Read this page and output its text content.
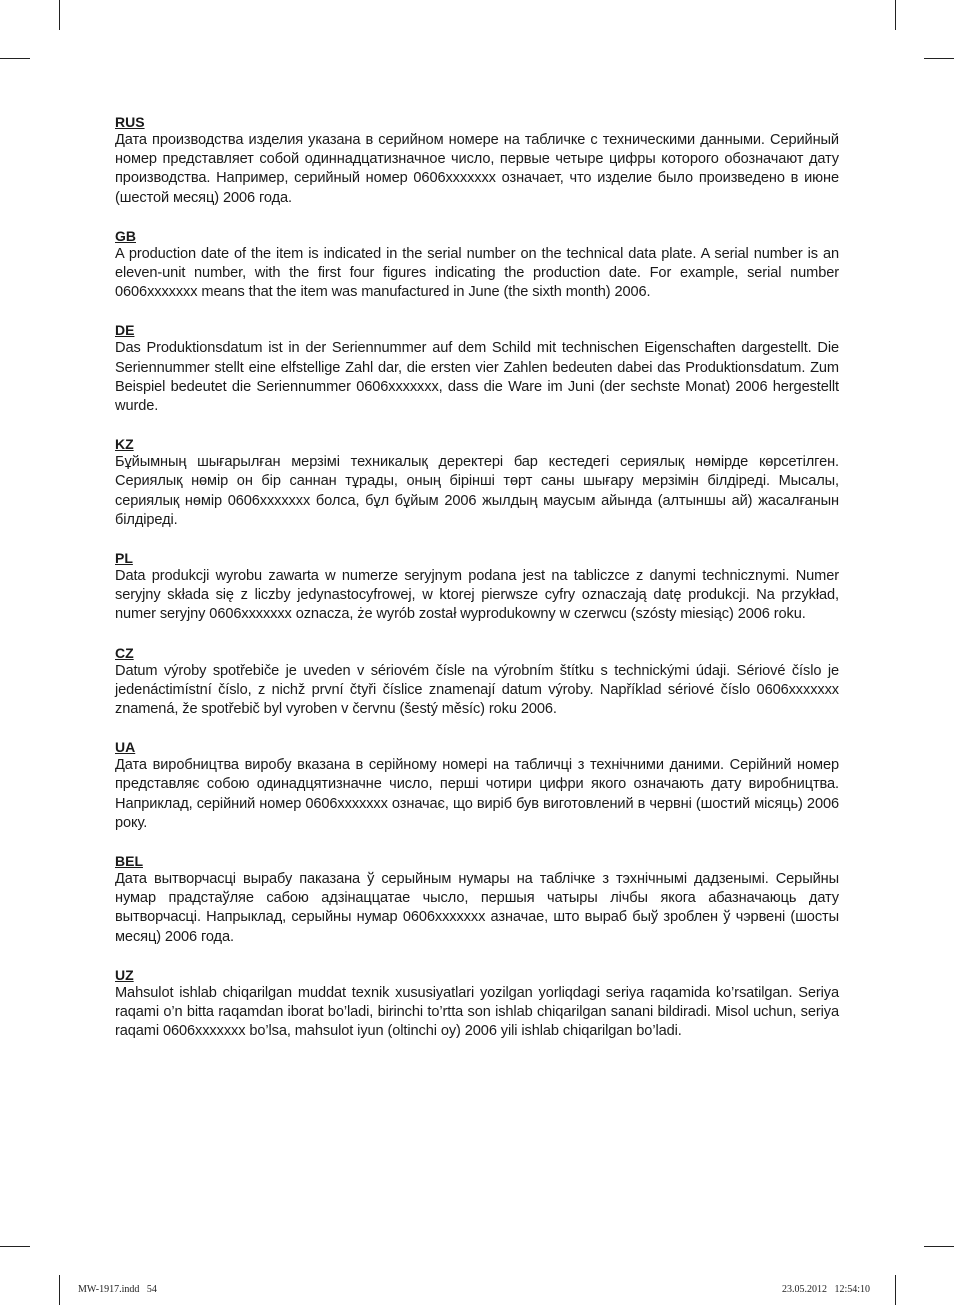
RUS

Дата производства изделия указана в серийном номере на табличке с техническими данными. Серийный номер представляет собой одиннадцатизначное число, первые четыре цифры которого обозначают дату производства. Например, серийный номер 0606xxxxxxx означает, что изделие было произведено в июне (шестой месяц) 2006 года.

GB

A production date of the item is indicated in the serial number on the technical data plate. A serial number is an eleven-unit number, with the first four figures indicating the production date. For example, serial number 0606xxxxxxx means that the item was manufactured in June (the sixth month) 2006.

DE

Das Produktionsdatum ist in der Seriennummer auf dem Schild mit technischen Eigenschaften dargestellt. Die Seriennummer stellt eine elfstellige Zahl dar, die ersten vier Zahlen bedeuten dabei das Produktionsdatum. Zum Beispiel bedeutet die Seriennummer 0606xxxxxxx, dass die Ware im Juni (der sechste Monat) 2006 hergestellt wurde.

KZ

Бұйымның шығарылған мерзімі техникалық деректері бар кестедегі сериялық нөмірде көрсетілген. Сериялық нөмір он бір саннан тұрады, оның бірінші төрт саны шығару мерзімін білдіреді. Мысалы, сериялық нөмір 0606xxxxxxx болса, бұл бұйым 2006 жылдың маусым айында (алтыншы ай) жасалғанын білдіреді.

PL

Data produkcji wyrobu zawarta w numerze seryjnym podana jest na tabliczce z danymi technicznymi. Numer seryjny składa się z liczby jedynastocyfrowej, w ktorej pierwsze cyfry oznaczają datę produkcji. Na przykład, numer seryjny 0606xxxxxxx oznacza, że wyrób został wyprodukowny w czerwcu (szósty miesiąc) 2006 roku.

CZ

Datum výroby spotřebiče je uveden v sériovém čísle na výrobním štítku s technickými údaji. Sériové číslo je jedenáctimístní číslo, z nichž první čtyři číslice znamenají datum výroby. Například sériové číslo 0606xxxxxxx znamená, že spotřebič byl vyroben v červnu (šestý měsíc) roku 2006.

UA

Дата виробництва виробу вказана в серійному номері на табличці з технічними даними. Серійний номер представляє собою одинадцятизначне число, перші чотири цифри якого означають дату виробництва. Наприклад, серійний номер 0606xxxxxxx означає, що виріб був виготовлений в червні (шостий місяць) 2006 року.

BEL

Дата вытворчасці вырабу паказана ў серыйным нумары на таблічке з тэхнічнымі дадзенымі. Серыйны нумар прадстаўляе сабою адзінаццатае чысло, першыя чатыры лічбы якога абазначаюць дату вытворчасці. Напрыклад, серыйны нумар 0606xxxxxxx азначае, што выраб быў зроблен ў чэрвені (шосты месяц) 2006 года.

UZ

Mahsulot ishlab chiqarilgan muddat texnik xususiyatlari yozilgan yorliqdagi seriya raqamida ko’rsatilgan. Seriya raqami o’n bitta raqamdan iborat bo’ladi, birinchi to’rtta son ishlab chiqarilgan sanani bildiradi. Misol uchun, seriya raqami 0606xxxxxxx bo’lsa, mahsulot iyun (oltinchi oy) 2006 yili ishlab chiqarilgan bo’ladi.

MW-1917.indd   54	23.05.2012   12:54:10
